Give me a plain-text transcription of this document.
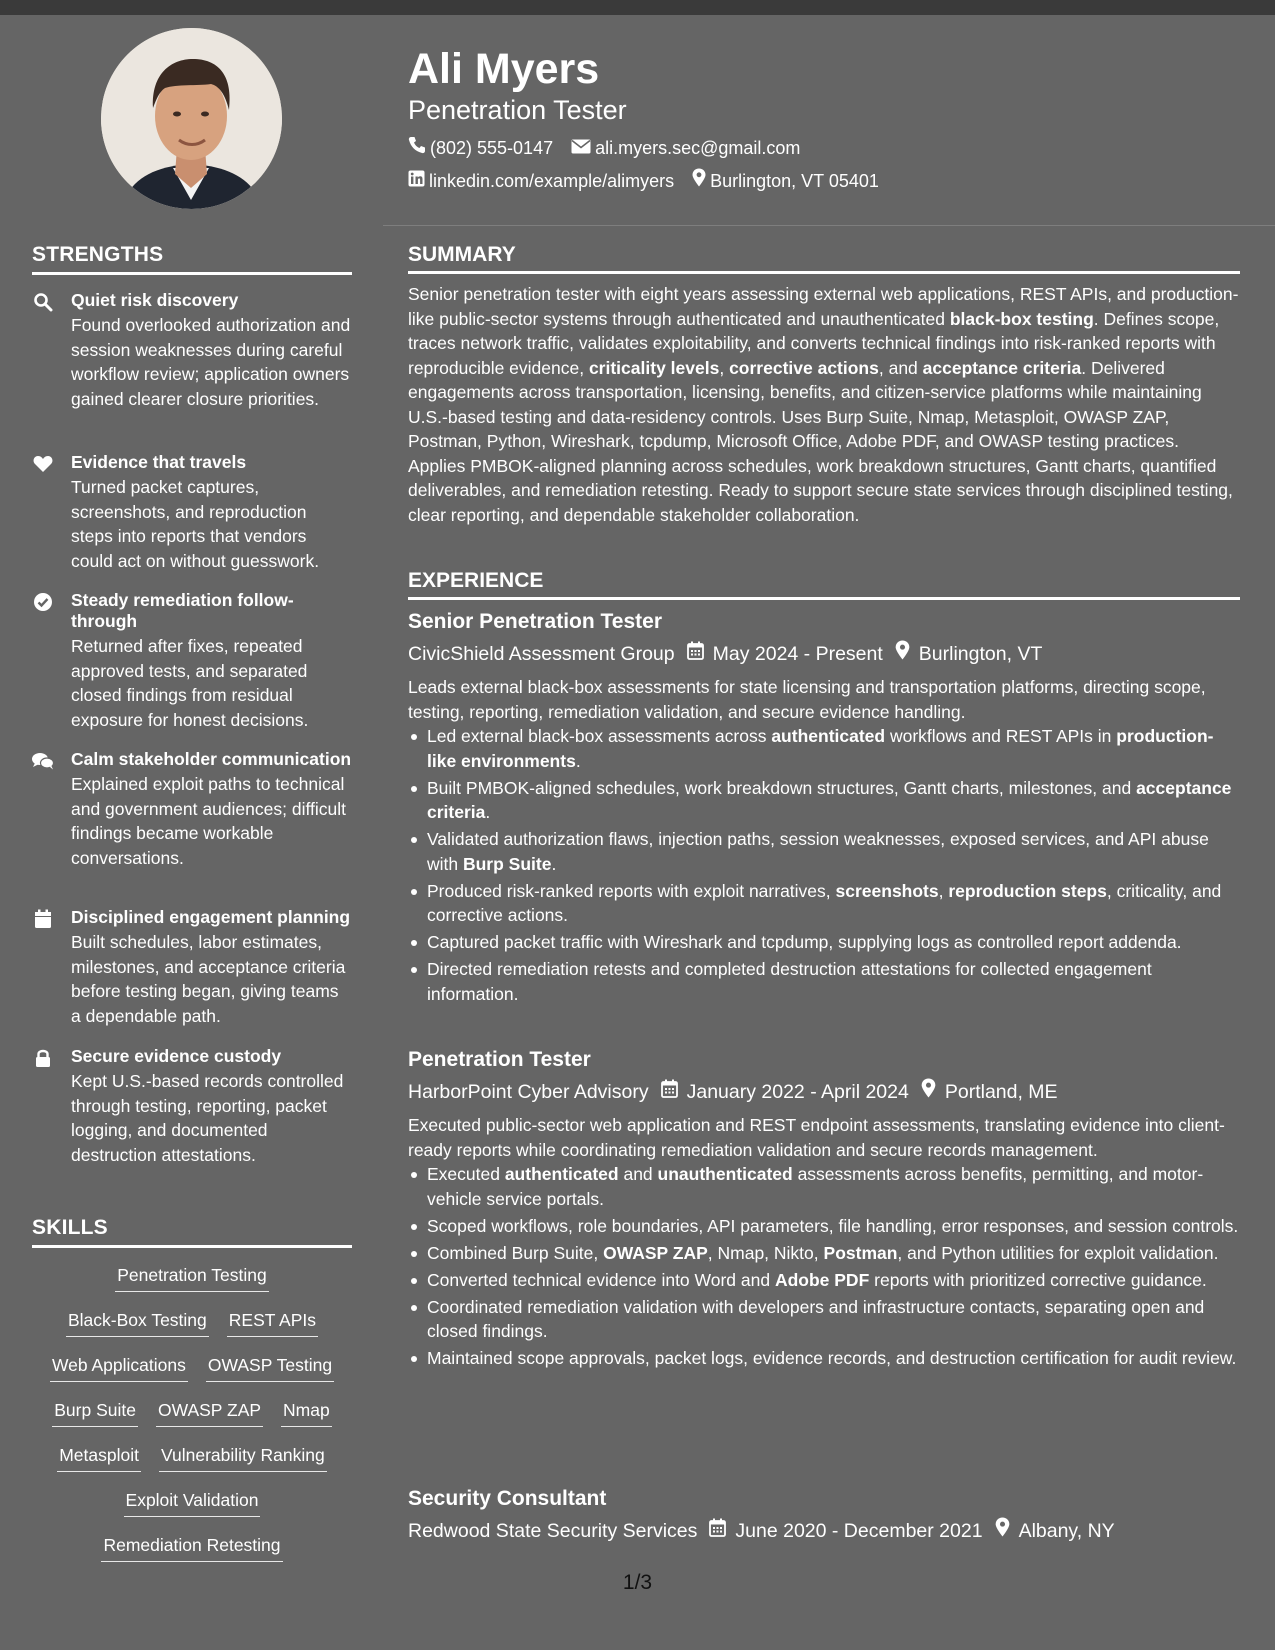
STRENGTHS
Quiet risk discovery
Found overlooked authorization and session weaknesses during careful workflow review; application owners gained clearer closure priorities.
Evidence that travels
Turned packet captures, screenshots, and reproduction steps into reports that vendors could act on without guesswork.
Steady remediation follow-through
Returned after fixes, repeated approved tests, and separated closed findings from residual exposure for honest decisions.
Calm stakeholder communication
Explained exploit paths to technical and government audiences; difficult findings became workable conversations.
Disciplined engagement planning
Built schedules, labor estimates, milestones, and acceptance criteria before testing began, giving teams a dependable path.
Secure evidence custody
Kept U.S.-based records controlled through testing, reporting, packet logging, and documented destruction attestations.
SKILLS
Penetration Testing
Black-Box Testing REST APIs
Web Applications OWASP Testing
Burp Suite OWASP ZAP Nmap
Metasploit Vulnerability Ranking
Exploit Validation
Remediation Retesting
Ali Myers
Penetration Tester
(802) 555-0147 ali.myers.sec@gmail.com
linkedin.com/example/alimyers Burlington, VT 05401
SUMMARY
Senior penetration tester with eight years assessing external web applications, REST APIs, and production-like public-sector systems through authenticated and unauthenticated black-box testing. Defines scope, traces network traffic, validates exploitability, and converts technical findings into risk-ranked reports with reproducible evidence, criticality levels, corrective actions, and acceptance criteria. Delivered engagements across transportation, licensing, benefits, and citizen-service platforms while maintaining U.S.-based testing and data-residency controls. Uses Burp Suite, Nmap, Metasploit, OWASP ZAP, Postman, Python, Wireshark, tcpdump, Microsoft Office, Adobe PDF, and OWASP testing practices. Applies PMBOK-aligned planning across schedules, work breakdown structures, Gantt charts, quantified deliverables, and remediation retesting. Ready to support secure state services through disciplined testing, clear reporting, and dependable stakeholder collaboration.
EXPERIENCE
Senior Penetration Tester
CivicShield Assessment Group May 2024 - Present Burlington, VT
Leads external black-box assessments for state licensing and transportation platforms, directing scope, testing, reporting, remediation validation, and secure evidence handling.
Led external black-box assessments across authenticated workflows and REST APIs in production-like environments.
Built PMBOK-aligned schedules, work breakdown structures, Gantt charts, milestones, and acceptance criteria.
Validated authorization flaws, injection paths, session weaknesses, exposed services, and API abuse with Burp Suite.
Produced risk-ranked reports with exploit narratives, screenshots, reproduction steps, criticality, and corrective actions.
Captured packet traffic with Wireshark and tcpdump, supplying logs as controlled report addenda.
Directed remediation retests and completed destruction attestations for collected engagement information.
Penetration Tester
HarborPoint Cyber Advisory January 2022 - April 2024 Portland, ME
Executed public-sector web application and REST endpoint assessments, translating evidence into client-ready reports while coordinating remediation validation and secure records management.
Executed authenticated and unauthenticated assessments across benefits, permitting, and motor-vehicle service portals.
Scoped workflows, role boundaries, API parameters, file handling, error responses, and session controls.
Combined Burp Suite, OWASP ZAP, Nmap, Nikto, Postman, and Python utilities for exploit validation.
Converted technical evidence into Word and Adobe PDF reports with prioritized corrective guidance.
Coordinated remediation validation with developers and infrastructure contacts, separating open and closed findings.
Maintained scope approvals, packet logs, evidence records, and destruction certification for audit review.
Security Consultant
Redwood State Security Services June 2020 - December 2021 Albany, NY
1/3
